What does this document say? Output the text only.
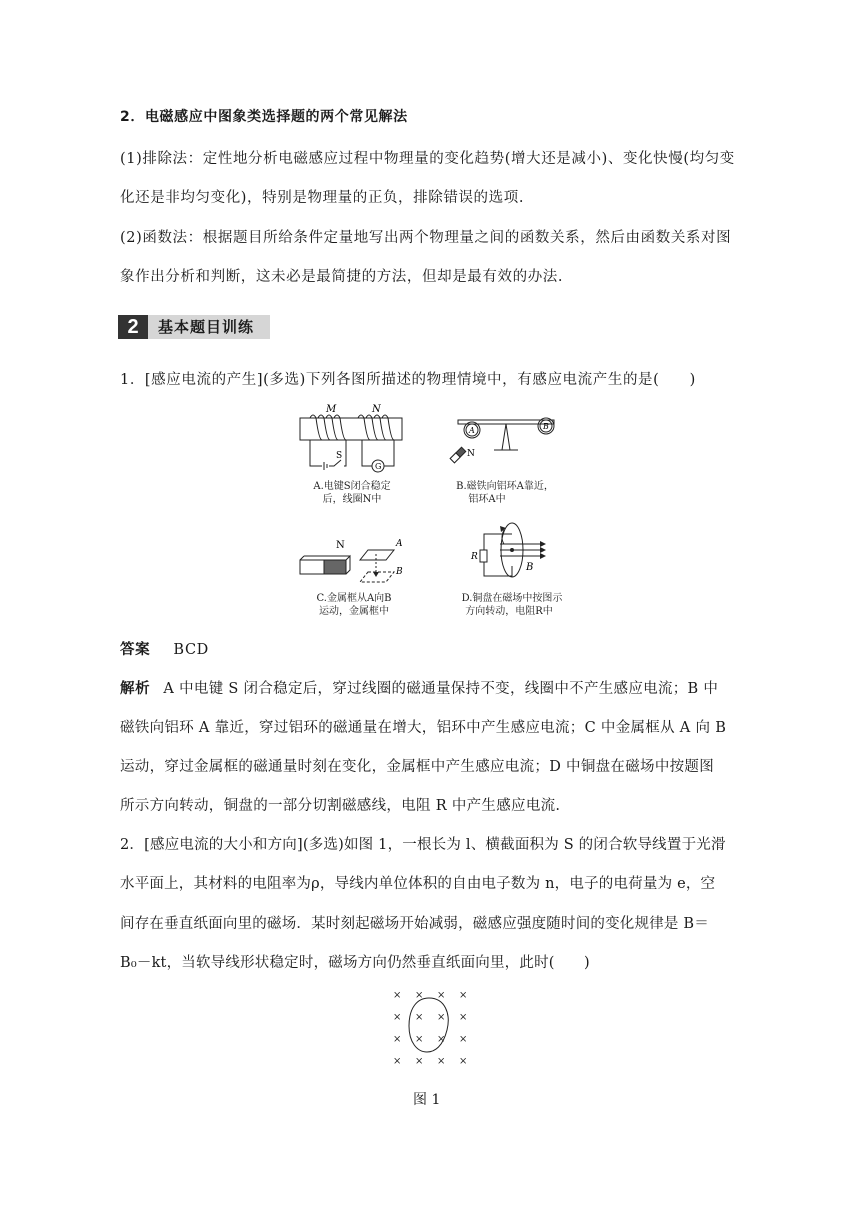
2．电磁感应中图象类选择题的两个常见解法
(1)排除法：定性地分析电磁感应过程中物理量的变化趋势(增大还是减小)、变化快慢(均匀变
化还是非均匀变化)，特别是物理量的正负，排除错误的选项.
(2)函数法：根据题目所给条件定量地写出两个物理量之间的函数关系，然后由函数关系对图
象作出分析和判断，这未必是最简捷的方法，但却是最有效的办法.
2	基本题目训练
1．[感应电流的产生](多选)下列各图所描述的物理情境中，有感应电流产生的是(　　)
M	N
S
G
A.电键S闭合稳定
后，线圈N中
A	B
N
B.磁铁向铝环A靠近，
铝环A中
N	A
B
C.金属框从A向B
运动，金属框中
R
B
D.铜盘在磁场中按图示
方向转动，电阻R中
答案 BCD
解析 A 中电键 S 闭合稳定后，穿过线圈的磁通量保持不变，线圈中不产生感应电流；B 中
磁铁向铝环 A 靠近，穿过铝环的磁通量在增大，铝环中产生感应电流；C 中金属框从 A 向 B
运动，穿过金属框的磁通量时刻在变化，金属框中产生感应电流；D 中铜盘在磁场中按题图
所示方向转动，铜盘的一部分切割磁感线，电阻 R 中产生感应电流.
2．[感应电流的大小和方向](多选)如图 1，一根长为 l、横截面积为 S 的闭合软导线置于光滑
水平面上，其材料的电阻率为ρ，导线内单位体积的自由电子数为 n，电子的电荷量为 e，空
间存在垂直纸面向里的磁场．某时刻起磁场开始减弱，磁感应强度随时间的变化规律是 B＝
B₀－kt，当软导线形状稳定时，磁场方向仍然垂直纸面向里，此时(　　)
× × × ×
× × × ×
× × × ×
× × × ×
图 1
